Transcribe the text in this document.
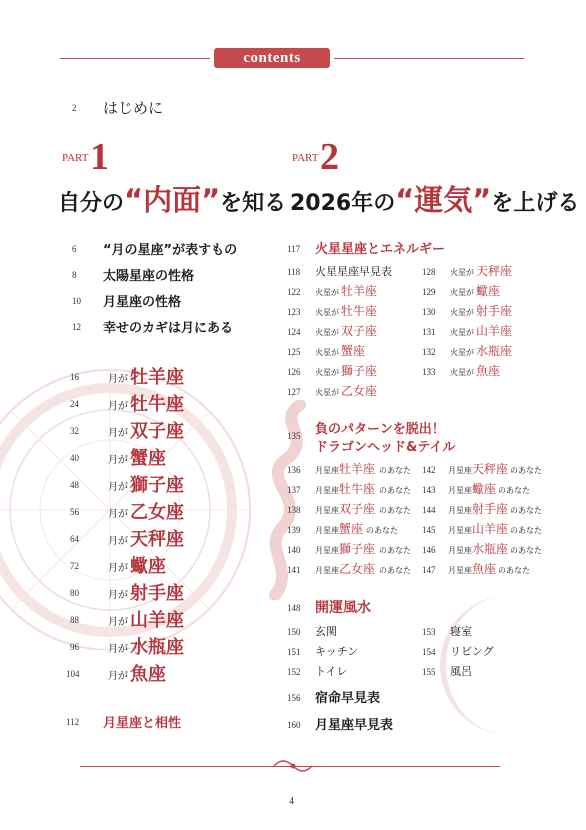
contents
2 はじめに
PART 1
自分の“内面”を知る
6 “月の星座”が表すもの
8 太陽星座の性格
10 月星座の性格
12 幸せのカギは月にある
16	月が 牡羊座
24	月が 牡牛座
32	月が 双子座
40	月が 蟹座
48	月が 獅子座
56	月が 乙女座
64	月が 天秤座
72	月が 蠍座
80	月が 射手座
88	月が 山羊座
96	月が 水瓶座
104	月が 魚座
112 月星座と相性
PART 2
2026年の“運気”を上げる
117 火星星座とエネルギー
118 火星星座早見表
122 火星が 牡羊座
123 火星が 牡牛座
124 火星が 双子座
125 火星が 蟹座
126 火星が 獅子座
127 火星が 乙女座
128 火星が 天秤座
129 火星が 蠍座
130 火星が 射手座
131 火星が 山羊座
132 火星が 水瓶座
133 火星が 魚座
135 負のパターンを脱出！
ドラゴンヘッド&テイル
136 月星座 牡羊座 のあなた
137 月星座 牡牛座 のあなた
138 月星座 双子座 のあなた
139 月星座 蟹座 のあなた
140 月星座 獅子座 のあなた
141 月星座 乙女座 のあなた
142 月星座 天秤座 のあなた
143 月星座 蠍座 のあなた
144 月星座 射手座 のあなた
145 月星座 山羊座 のあなた
146 月星座 水瓶座 のあなた
147 月星座 魚座 のあなた
148 開運風水
150 玄関
151 キッチン
152 トイレ
153 寝室
154 リビング
155 風呂
156 宿命早見表
160 月星座早見表
4
